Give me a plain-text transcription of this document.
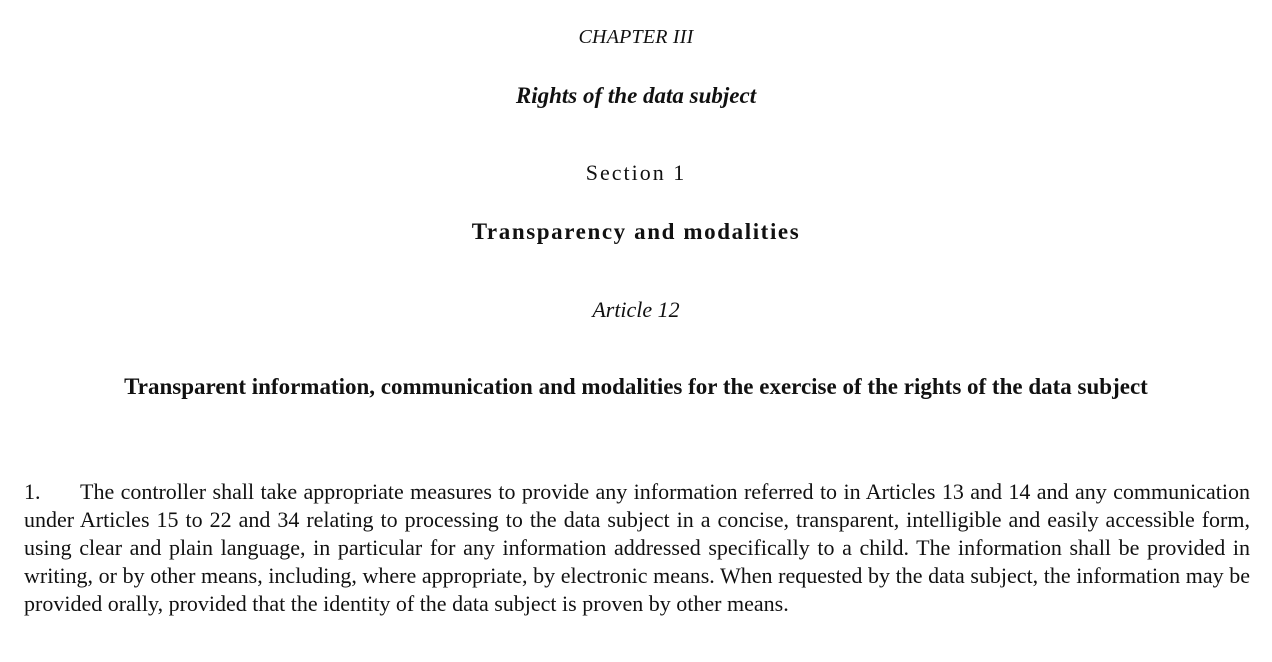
CHAPTER III
Rights of the data subject
Section 1
Transparency and modalities
Article 12
Transparent information, communication and modalities for the exercise of the rights of the data subject
1. The controller shall take appropriate measures to provide any information referred to in Articles 13 and 14 and any communication under Articles 15 to 22 and 34 relating to processing to the data subject in a concise, transparent, intelligible and easily accessible form, using clear and plain language, in particular for any information addressed specifically to a child. The information shall be provided in writing, or by other means, including, where appropriate, by electronic means. When requested by the data subject, the information may be provided orally, provided that the identity of the data subject is proven by other means.
